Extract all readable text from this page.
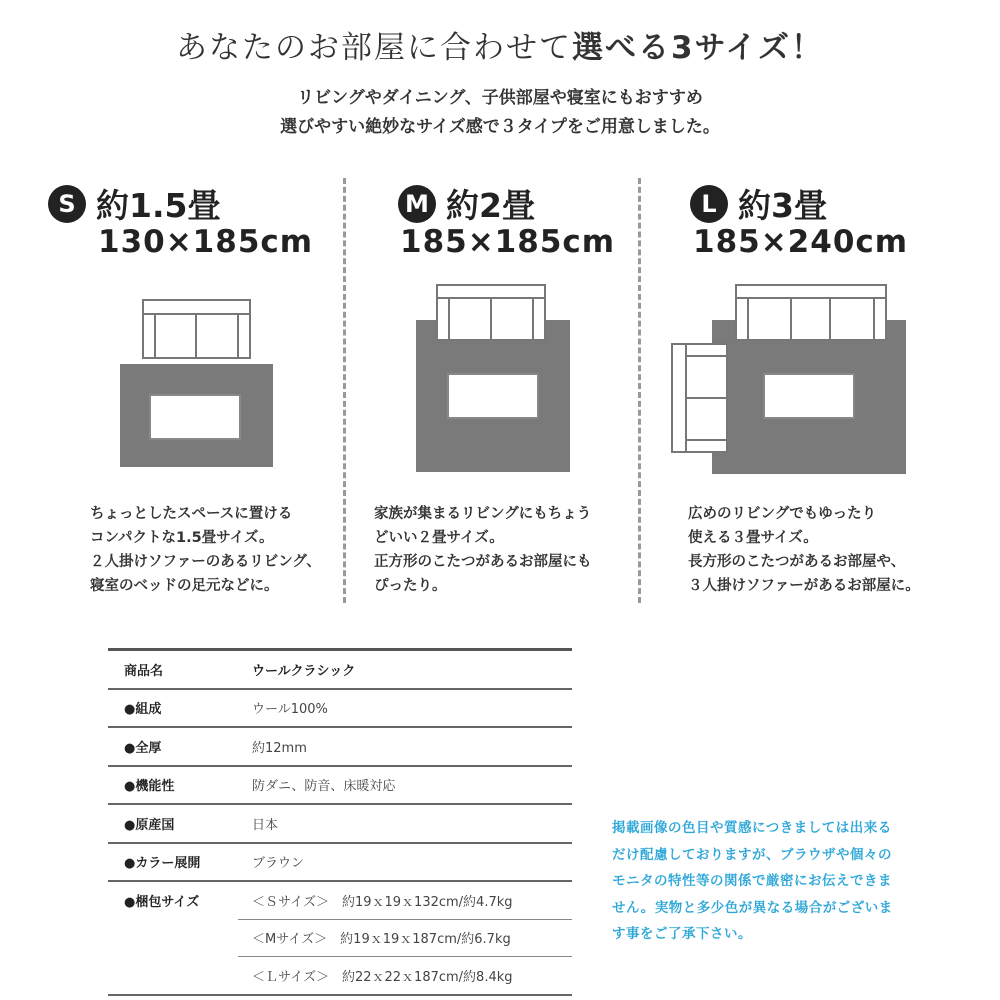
あなたのお部屋に合わせて選べる3サイズ！
リビングやダイニング、子供部屋や寝室にもおすすめ
選びやすい絶妙なサイズ感で３タイプをご用意しました。
S 約1.5畳
130×185cm
ちょっとしたスペースに置ける
コンパクトな1.5畳サイズ。
２人掛けソファーのあるリビング、
寝室のベッドの足元などに。
M 約2畳
185×185cm
家族が集まるリビングにもちょう
どいい２畳サイズ。
正方形のこたつがあるお部屋にも
ぴったり。
L 約3畳
185×240cm
広めのリビングでもゆったり
使える３畳サイズ。
長方形のこたつがあるお部屋や、
３人掛けソファーがあるお部屋に。
商品名	ウールクラシック
●組成	ウール100%
●全厚	約12mm
●機能性	防ダニ、防音、床暖対応
●原産国	日本
●カラー展開	ブラウン
●梱包サイズ	＜Ｓサイズ＞　約19ｘ19ｘ132cm/約4.7kg
	＜Mサイズ＞　約19ｘ19ｘ187cm/約6.7kg
	＜Ｌサイズ＞　約22ｘ22ｘ187cm/約8.4kg
掲載画像の色目や質感につきましては出来る
だけ配慮しておりますが、ブラウザや個々の
モニタの特性等の関係で厳密にお伝えできま
せん。実物と多少色が異なる場合がございま
す事をご了承下さい。
